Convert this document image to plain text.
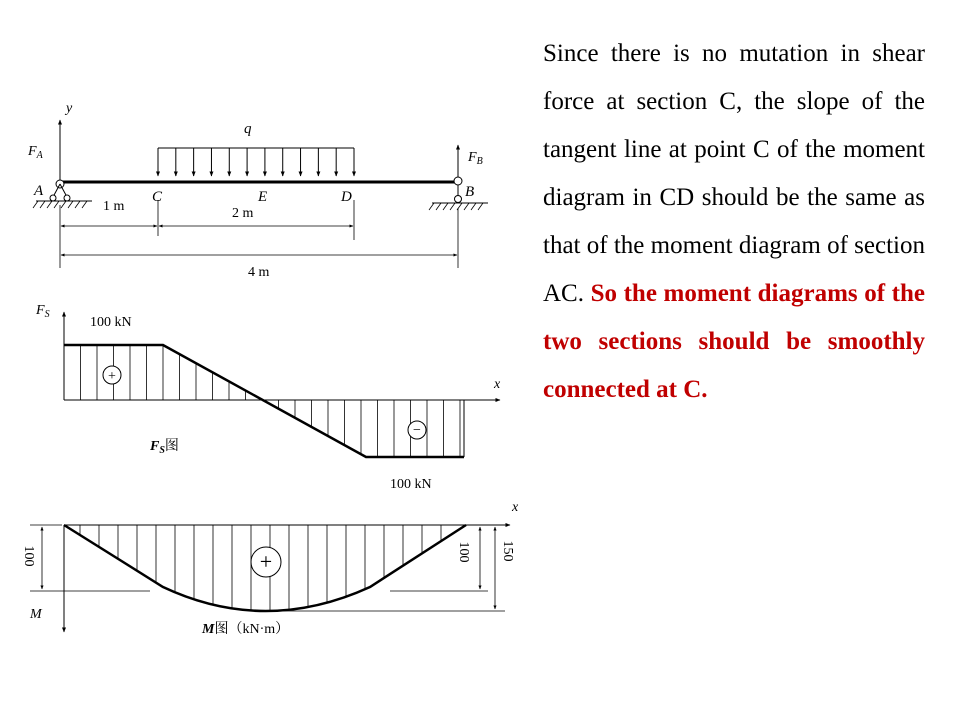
y
$F_A$	$F_B$
q
A	B
C	E	D
1 m	2 m
4 m
$F_S$
x
100 kN
100 kN
+
−
$F_S$图
x
M
100	100 150
+
M图（kN·m）

Since there is no mutation in shear force at section C, the slope of the tangent line at point C of the moment diagram in CD should be the same as that of the moment diagram of section AC. So the moment diagrams of the two sections should be smoothly connected at C.
